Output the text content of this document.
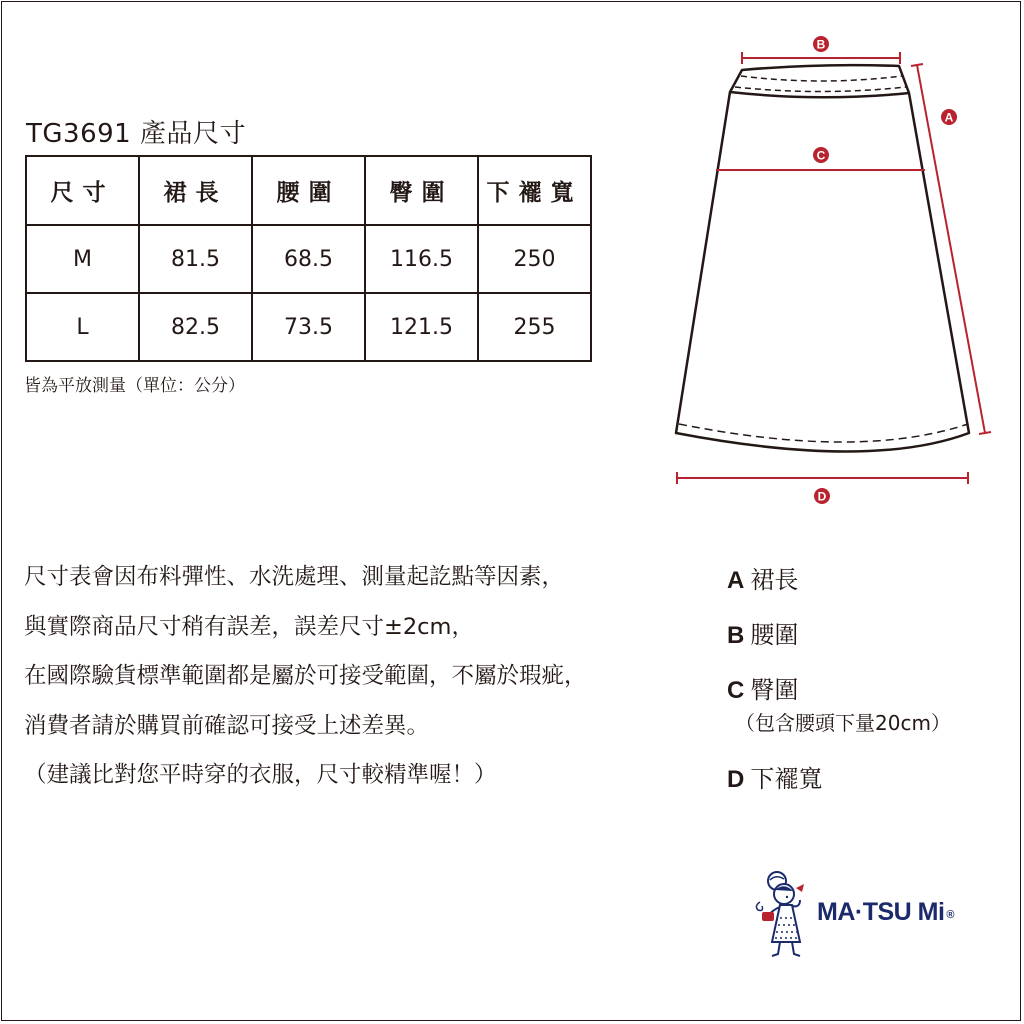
TG3691 產品尺寸
尺寸	裙長	腰圍	臀圍	下襬寬
M	81.5	68.5	116.5	250
L	82.5	73.5	121.5	255
皆為平放測量（單位：公分）
B
C
A
D
尺寸表會因布料彈性、水洗處理、測量起訖點等因素，
與實際商品尺寸稍有誤差，誤差尺寸±2cm，
在國際驗貨標準範圍都是屬於可接受範圍，不屬於瑕疵，
消費者請於購買前確認可接受上述差異。
（建議比對您平時穿的衣服，尺寸較精準喔！）
A 裙長
B 腰圍
C 臀圍
（包含腰頭下量20cm）
D 下襬寬
MA·TSU Mi ®
